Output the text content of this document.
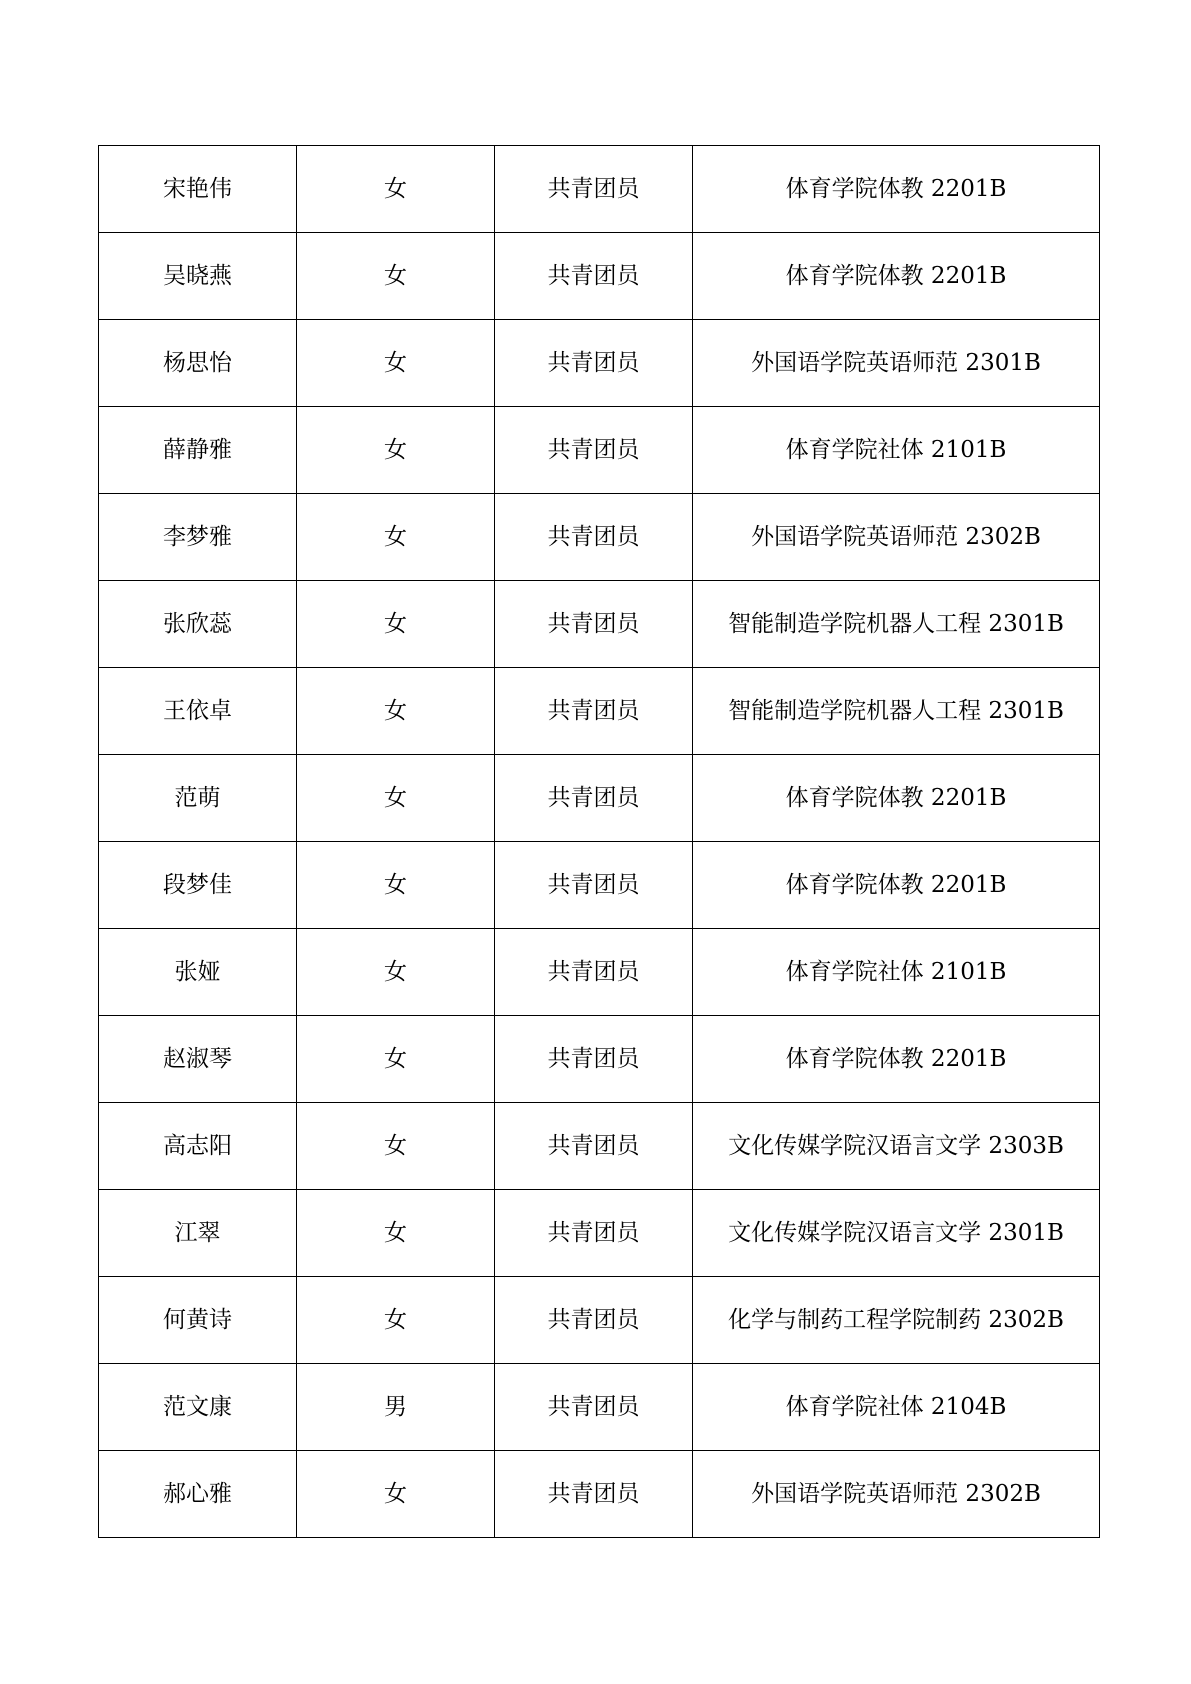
宋艳伟	女	共青团员	体育学院体教 2201B
吴晓燕	女	共青团员	体育学院体教 2201B
杨思怡	女	共青团员	外国语学院英语师范 2301B
薛静雅	女	共青团员	体育学院社体 2101B
李梦雅	女	共青团员	外国语学院英语师范 2302B
张欣蕊	女	共青团员	智能制造学院机器人工程 2301B
王依卓	女	共青团员	智能制造学院机器人工程 2301B
范萌	女	共青团员	体育学院体教 2201B
段梦佳	女	共青团员	体育学院体教 2201B
张娅	女	共青团员	体育学院社体 2101B
赵淑琴	女	共青团员	体育学院体教 2201B
高志阳	女	共青团员	文化传媒学院汉语言文学 2303B
江翠	女	共青团员	文化传媒学院汉语言文学 2301B
何黄诗	女	共青团员	化学与制药工程学院制药 2302B
范文康	男	共青团员	体育学院社体 2104B
郝心雅	女	共青团员	外国语学院英语师范 2302B
